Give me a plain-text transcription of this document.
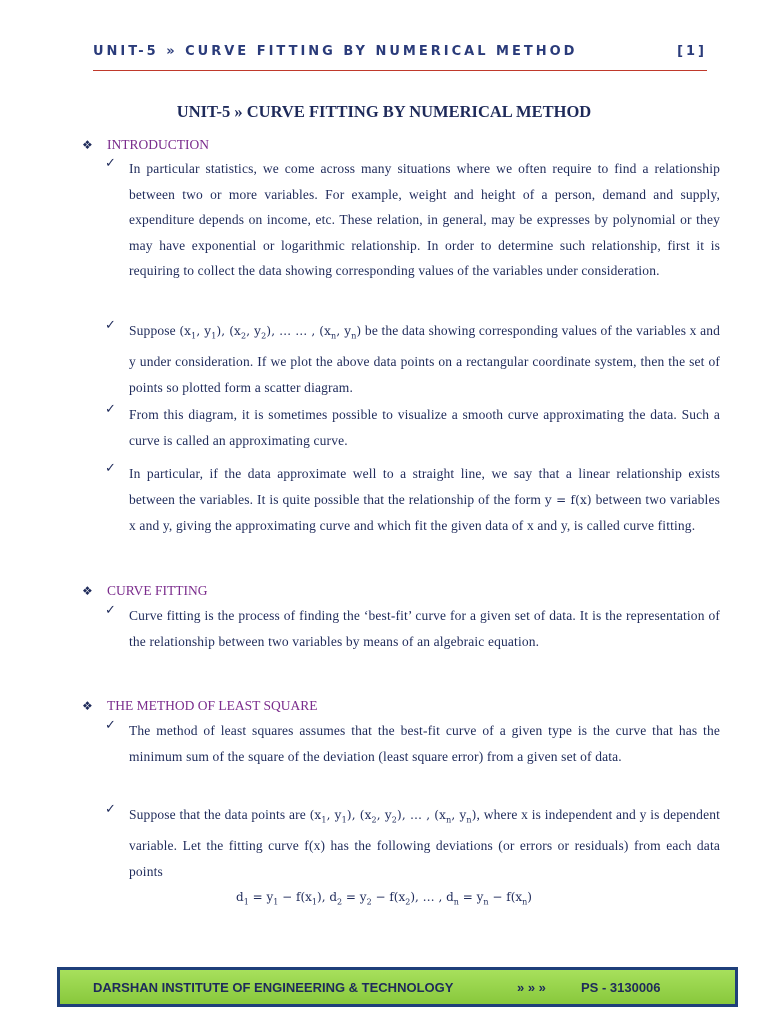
UNIT-5 » CURVE FITTING BY NUMERICAL METHOD	[1]
UNIT-5 » CURVE FITTING BY NUMERICAL METHOD
❖ INTRODUCTION
✓ In particular statistics, we come across many situations where we often require to find a relationship between two or more variables. For example, weight and height of a person, demand and supply, expenditure depends on income, etc. These relation, in general, may be expresses by polynomial or they may have exponential or logarithmic relationship. In order to determine such relationship, first it is requiring to collect the data showing corresponding values of the variables under consideration.
✓ Suppose ($x_1$, $y_1$), ($x_2$, $y_2$), … … , ($x_n$, $y_n$) be the data showing corresponding values of the variables x and y under consideration. If we plot the above data points on a rectangular coordinate system, then the set of points so plotted form a scatter diagram.
✓ From this diagram, it is sometimes possible to visualize a smooth curve approximating the data. Such a curve is called an approximating curve.
✓ In particular, if the data approximate well to a straight line, we say that a linear relationship exists between the variables. It is quite possible that the relationship of the form y = f(x) between two variables x and y, giving the approximating curve and which fit the given data of x and y, is called curve fitting.
❖ CURVE FITTING
✓ Curve fitting is the process of finding the ‘best-fit’ curve for a given set of data. It is the representation of the relationship between two variables by means of an algebraic equation.
❖ THE METHOD OF LEAST SQUARE
✓ The method of least squares assumes that the best-fit curve of a given type is the curve that has the minimum sum of the square of the deviation (least square error) from a given set of data.
✓ Suppose that the data points are ($x_1$, $y_1$), ($x_2$, $y_2$), … , ($x_n$, $y_n$), where x is independent and y is dependent variable. Let the fitting curve f(x) has the following deviations (or errors or residuals) from each data points
$d_1 = y_1 - f(x_1)$, $d_2 = y_2 - f(x_2)$, … , $d_n = y_n - f(x_n)$
DARSHAN INSTITUTE OF ENGINEERING & TECHNOLOGY	» » »	PS - 3130006
